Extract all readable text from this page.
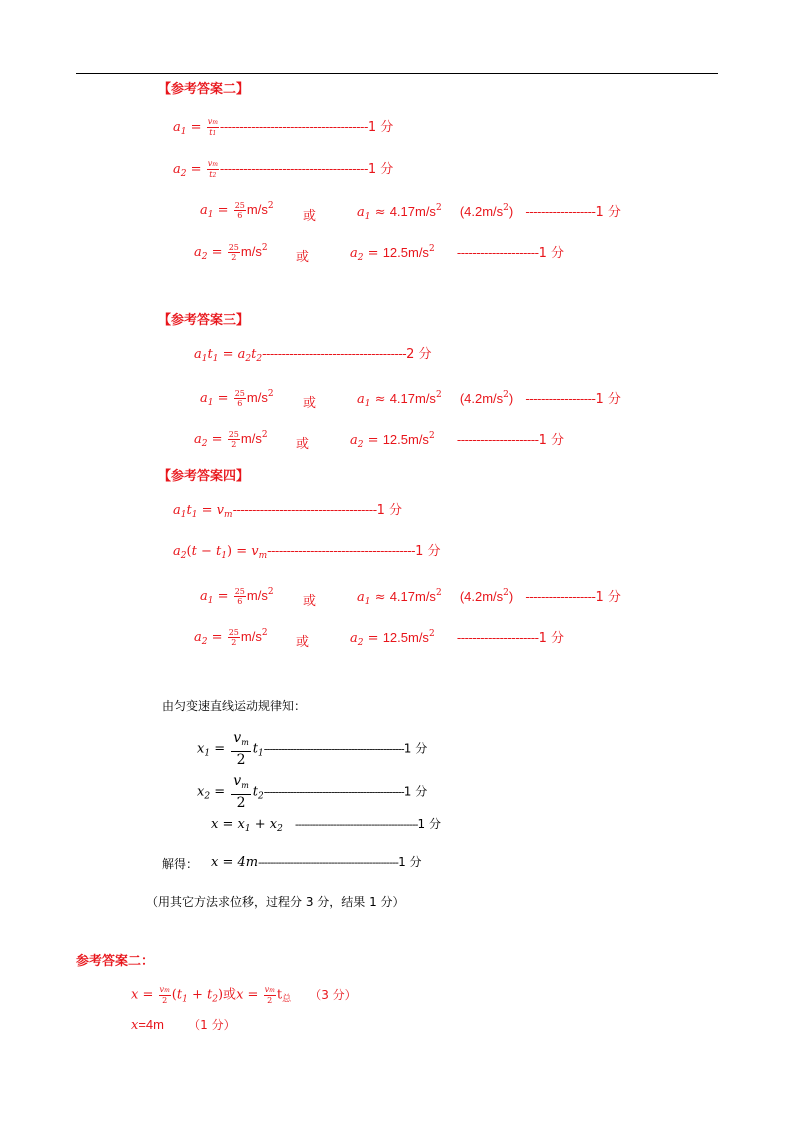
【参考答案二】
$a_1 = \frac{vm}{t1} --------------------------------------1$ 分
$a_2 = \frac{vm}{t2} --------------------------------------1$ 分
$a_1 = \frac{25}{6} m/s^2$
或	$a_1 \approx 4.17m/s^2$ $(4.2m/s^2)$ ------------------1 分
$a_2 = \frac{25}{2} m/s^2$
或	$a_2 = 12.5m/s^2$ ---------------------1 分
【参考答案三】
$a_1t_1 = a_2t_2-------------------------------------2$ 分
$a_1 = \frac{25}{6} m/s^2$
或	$a_1 \approx 4.17m/s^2$ $(4.2m/s^2)$ ------------------1 分
$a_2 = \frac{25}{2} m/s^2$
或	$a_2 = 12.5m/s^2$ ---------------------1 分
【参考答案四】
$a_1t_1 = v_m-------------------------------------1$ 分
$a_2(t - t_1) = v_m--------------------------------------1$ 分
$a_1 = \frac{25}{6} m/s^2$
或	$a_1 \approx 4.17m/s^2$ $(4.2m/s^2)$ ------------------1 分
$a_2 = \frac{25}{2} m/s^2$
或	$a_2 = 12.5m/s^2$ ---------------------1 分
由匀变速直线运动规律知：
$x_1 = \frac{v_m}{2} t_1------------------------------------------------1$ 分
$x_2 = \frac{v_m}{2} t_2------------------------------------------------1$ 分
$x = x_1 + x_2$ ------------------------------------------1 分
解得： x = 4m------------------------------------------------1 分
（用其它方法求位移，过程分 3 分，结果 1 分）
参考答案二：
$x = \frac{vm}{2} (t_1 + t_2)$或$x = \frac{vm}{2} t_总$ （3 分）
x=4m （1 分）
